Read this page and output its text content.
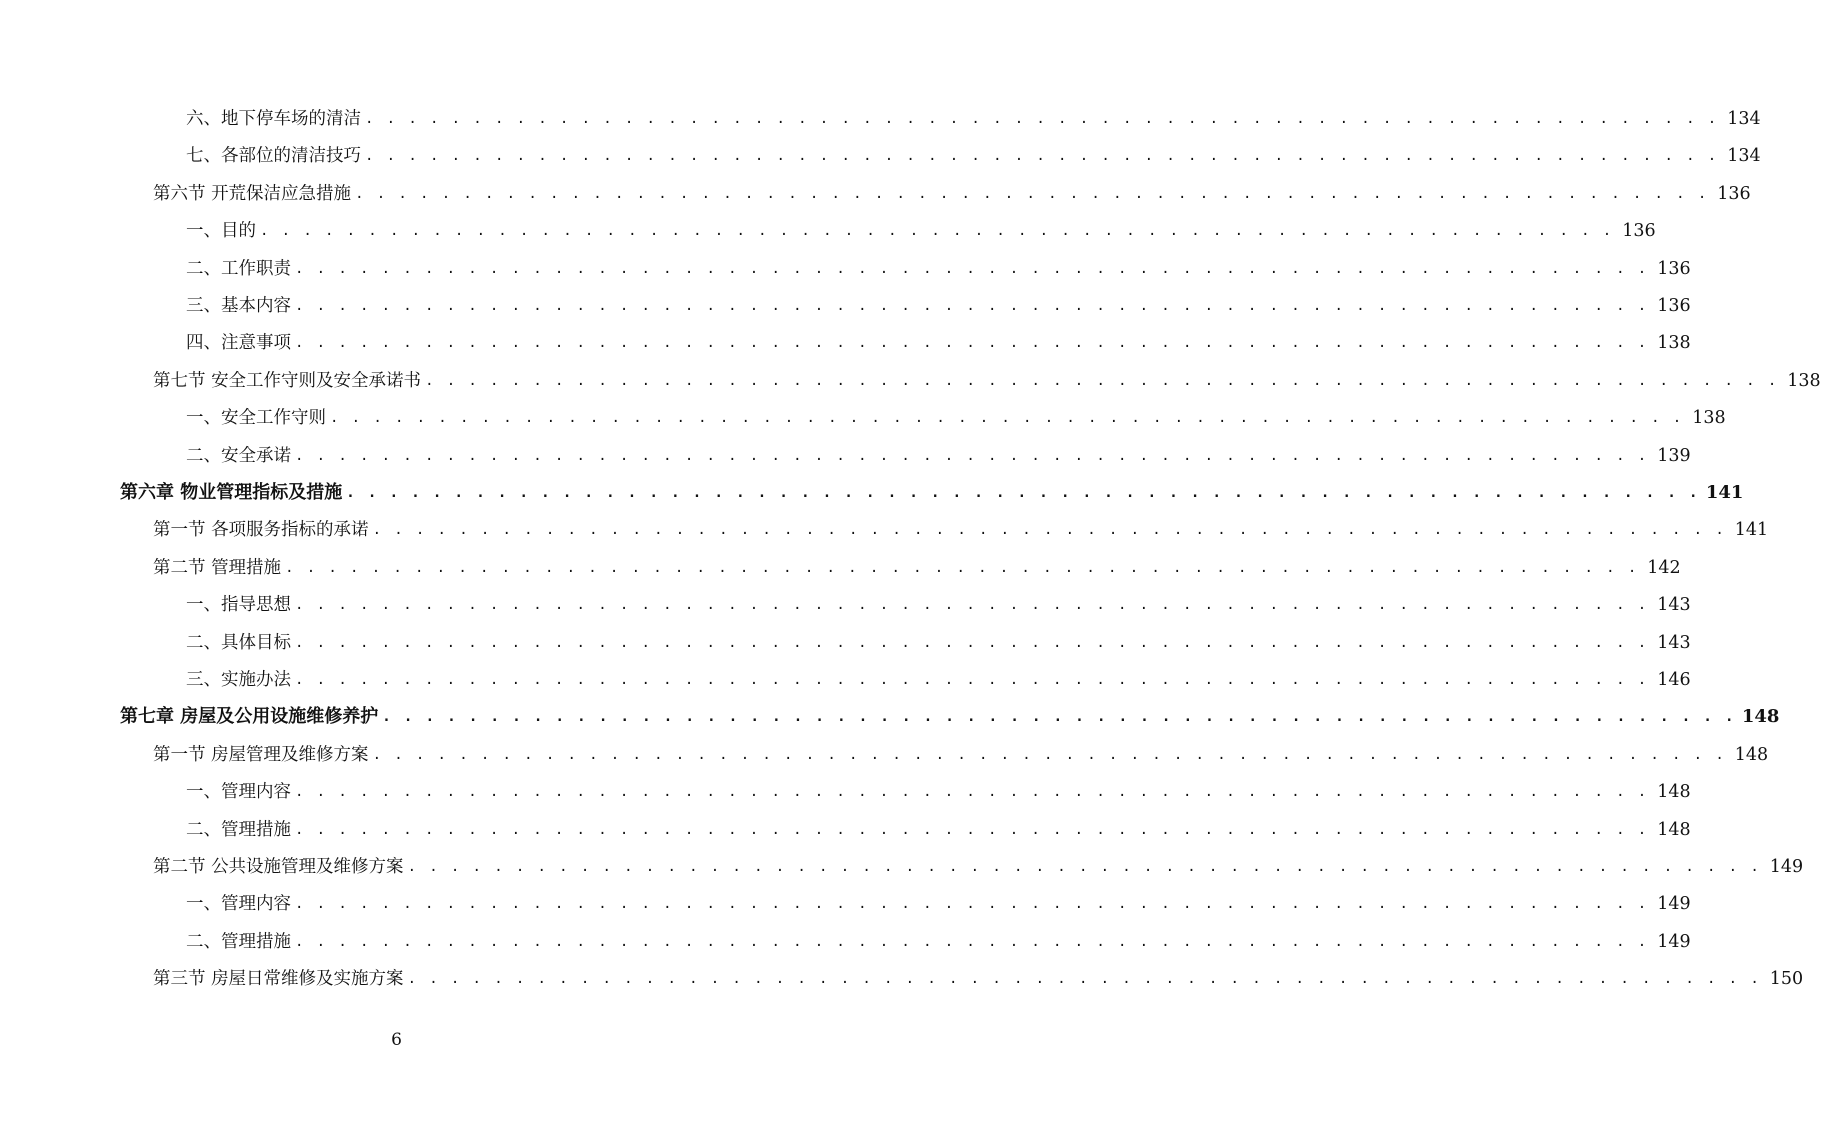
六、地下停车场的清洁 . . . . . . . . . . . . . . . . . . . . . . . . . . . . . . . . . . . . . . . . . . . . . . . . . . . . . . . . . . . . . . . 134
七、各部位的清洁技巧 . . . . . . . . . . . . . . . . . . . . . . . . . . . . . . . . . . . . . . . . . . . . . . . . . . . . . . . . . . . . . . . 134
第六节 开荒保洁应急措施 . . . . . . . . . . . . . . . . . . . . . . . . . . . . . . . . . . . . . . . . . . . . . . . . . . . . . . . . . . . . . . . 136
一、目的 . . . . . . . . . . . . . . . . . . . . . . . . . . . . . . . . . . . . . . . . . . . . . . . . . . . . . . . . . . . . . . . 136
二、工作职责 . . . . . . . . . . . . . . . . . . . . . . . . . . . . . . . . . . . . . . . . . . . . . . . . . . . . . . . . . . . . . . . 136
三、基本内容 . . . . . . . . . . . . . . . . . . . . . . . . . . . . . . . . . . . . . . . . . . . . . . . . . . . . . . . . . . . . . . . 136
四、注意事项 . . . . . . . . . . . . . . . . . . . . . . . . . . . . . . . . . . . . . . . . . . . . . . . . . . . . . . . . . . . . . . . 138
第七节 安全工作守则及安全承诺书 . . . . . . . . . . . . . . . . . . . . . . . . . . . . . . . . . . . . . . . . . . . . . . . . . . . . . . . . . . . . . . . 138
一、安全工作守则 . . . . . . . . . . . . . . . . . . . . . . . . . . . . . . . . . . . . . . . . . . . . . . . . . . . . . . . . . . . . . . . 138
二、安全承诺 . . . . . . . . . . . . . . . . . . . . . . . . . . . . . . . . . . . . . . . . . . . . . . . . . . . . . . . . . . . . . . . 139
第六章 物业管理指标及措施 . . . . . . . . . . . . . . . . . . . . . . . . . . . . . . . . . . . . . . . . . . . . . . . . . . . . . . . . . . . . . . . 141
第一节 各项服务指标的承诺 . . . . . . . . . . . . . . . . . . . . . . . . . . . . . . . . . . . . . . . . . . . . . . . . . . . . . . . . . . . . . . . 141
第二节 管理措施 . . . . . . . . . . . . . . . . . . . . . . . . . . . . . . . . . . . . . . . . . . . . . . . . . . . . . . . . . . . . . . . 142
一、指导思想 . . . . . . . . . . . . . . . . . . . . . . . . . . . . . . . . . . . . . . . . . . . . . . . . . . . . . . . . . . . . . . . 143
二、具体目标 . . . . . . . . . . . . . . . . . . . . . . . . . . . . . . . . . . . . . . . . . . . . . . . . . . . . . . . . . . . . . . . 143
三、实施办法 . . . . . . . . . . . . . . . . . . . . . . . . . . . . . . . . . . . . . . . . . . . . . . . . . . . . . . . . . . . . . . . 146
第七章 房屋及公用设施维修养护 . . . . . . . . . . . . . . . . . . . . . . . . . . . . . . . . . . . . . . . . . . . . . . . . . . . . . . . . . . . . . . . 148
第一节 房屋管理及维修方案 . . . . . . . . . . . . . . . . . . . . . . . . . . . . . . . . . . . . . . . . . . . . . . . . . . . . . . . . . . . . . . . 148
一、管理内容 . . . . . . . . . . . . . . . . . . . . . . . . . . . . . . . . . . . . . . . . . . . . . . . . . . . . . . . . . . . . . . . 148
二、管理措施 . . . . . . . . . . . . . . . . . . . . . . . . . . . . . . . . . . . . . . . . . . . . . . . . . . . . . . . . . . . . . . . 148
第二节 公共设施管理及维修方案 . . . . . . . . . . . . . . . . . . . . . . . . . . . . . . . . . . . . . . . . . . . . . . . . . . . . . . . . . . . . . . . 149
一、管理内容 . . . . . . . . . . . . . . . . . . . . . . . . . . . . . . . . . . . . . . . . . . . . . . . . . . . . . . . . . . . . . . . 149
二、管理措施 . . . . . . . . . . . . . . . . . . . . . . . . . . . . . . . . . . . . . . . . . . . . . . . . . . . . . . . . . . . . . . . 149
第三节 房屋日常维修及实施方案 . . . . . . . . . . . . . . . . . . . . . . . . . . . . . . . . . . . . . . . . . . . . . . . . . . . . . . . . . . . . . . . 150
6
